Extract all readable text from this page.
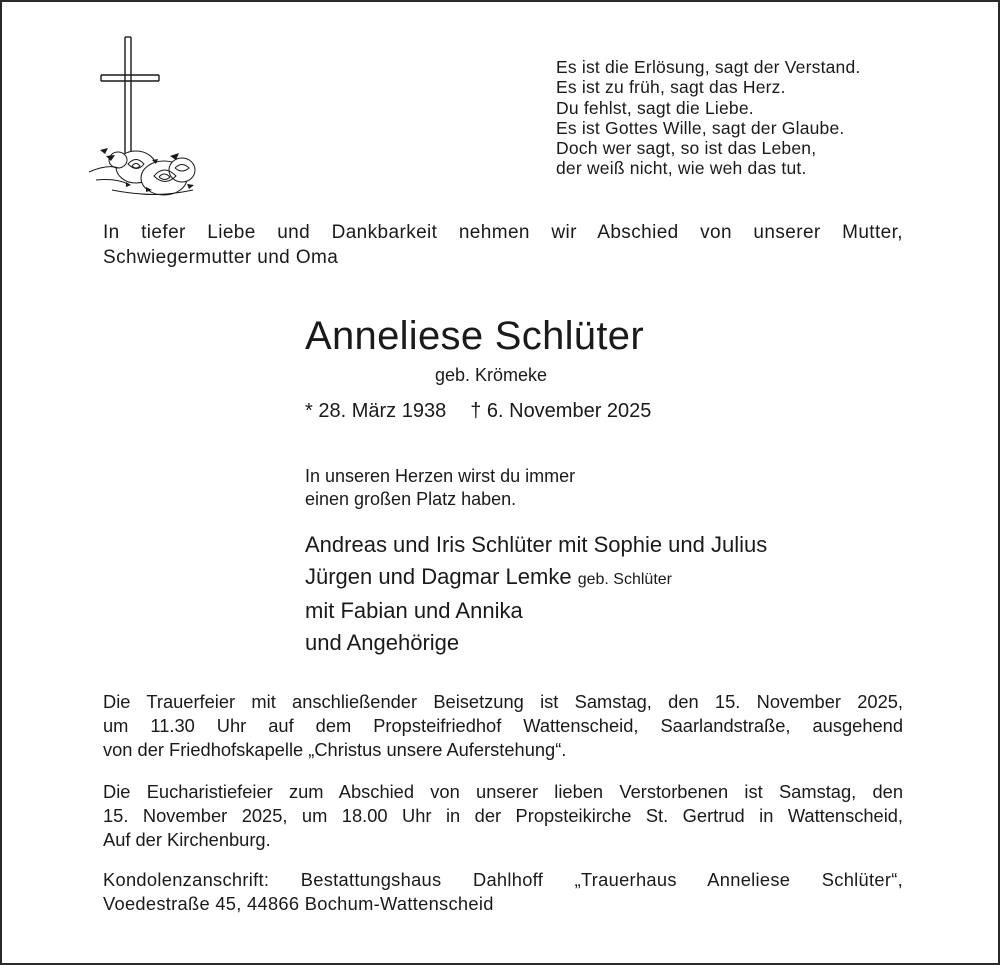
Es ist die Erlösung, sagt der Verstand.
Es ist zu früh, sagt das Herz.
Du fehlst, sagt die Liebe.
Es ist Gottes Wille, sagt der Glaube.
Doch wer sagt, so ist das Leben,
der weiß nicht, wie weh das tut.
In tiefer Liebe und Dankbarkeit nehmen wir Abschied von unserer Mutter,
Schwiegermutter und Oma
Anneliese Schlüter
geb. Krömeke
* 28. März 1938 † 6. November 2025
In unseren Herzen wirst du immer
einen großen Platz haben.
Andreas und Iris Schlüter mit Sophie und Julius
Jürgen und Dagmar Lemke geb. Schlüter
mit Fabian und Annika
und Angehörige
Die Trauerfeier mit anschließender Beisetzung ist Samstag, den 15. November 2025,
um 11.30 Uhr auf dem Propsteifriedhof Wattenscheid, Saarlandstraße, ausgehend
von der Friedhofskapelle „Christus unsere Auferstehung“.
Die Eucharistiefeier zum Abschied von unserer lieben Verstorbenen ist Samstag, den
15. November 2025, um 18.00 Uhr in der Propsteikirche St. Gertrud in Wattenscheid,
Auf der Kirchenburg.
Kondolenzanschrift: Bestattungshaus Dahlhoff „Trauerhaus Anneliese Schlüter“,
Voedestraße 45, 44866 Bochum-Wattenscheid
